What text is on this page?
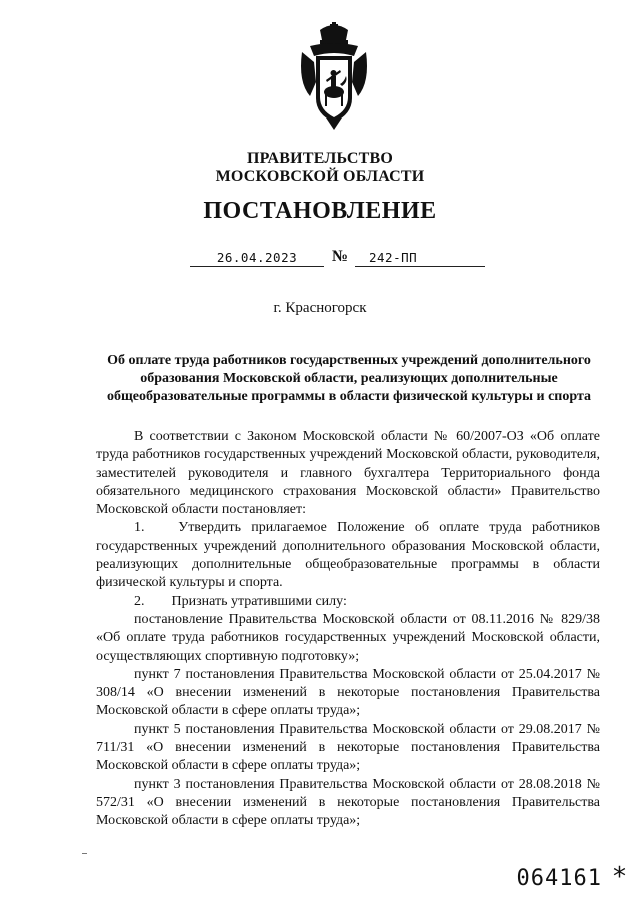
ПРАВИТЕЛЬСТВО
МОСКОВСКОЙ ОБЛАСТИ
ПОСТАНОВЛЕНИЕ
26.04.2023	№	242-ПП
г. Красногорск
Об оплате труда работников государственных учреждений дополнительного образования Московской области, реализующих дополнительные общеобразовательные программы в области физической культуры и спорта

В соответствии с Законом Московской области № 60/2007-ОЗ «Об оплате труда работников государственных учреждений Московской области, руководителя, заместителей руководителя и главного бухгалтера Территориального фонда обязательного медицинского страхования Московской области» Правительство Московской области постановляет:

1. Утвердить прилагаемое Положение об оплате труда работников государственных учреждений дополнительного образования Московской области, реализующих дополнительные общеобразовательные программы в области физической культуры и спорта.

2. Признать утратившими силу:

постановление Правительства Московской области от 08.11.2016 № 829/38 «Об оплате труда работников государственных учреждений Московской области, осуществляющих спортивную подготовку»;

пункт 7 постановления Правительства Московской области от 25.04.2017 № 308/14 «О внесении изменений в некоторые постановления Правительства Московской области в сфере оплаты труда»;

пункт 5 постановления Правительства Московской области от 29.08.2017 № 711/31 «О внесении изменений в некоторые постановления Правительства Московской области в сфере оплаты труда»;

пункт 3 постановления Правительства Московской области от 28.08.2018 № 572/31 «О внесении изменений в некоторые постановления Правительства Московской области в сфере оплаты труда»;

064161 *
